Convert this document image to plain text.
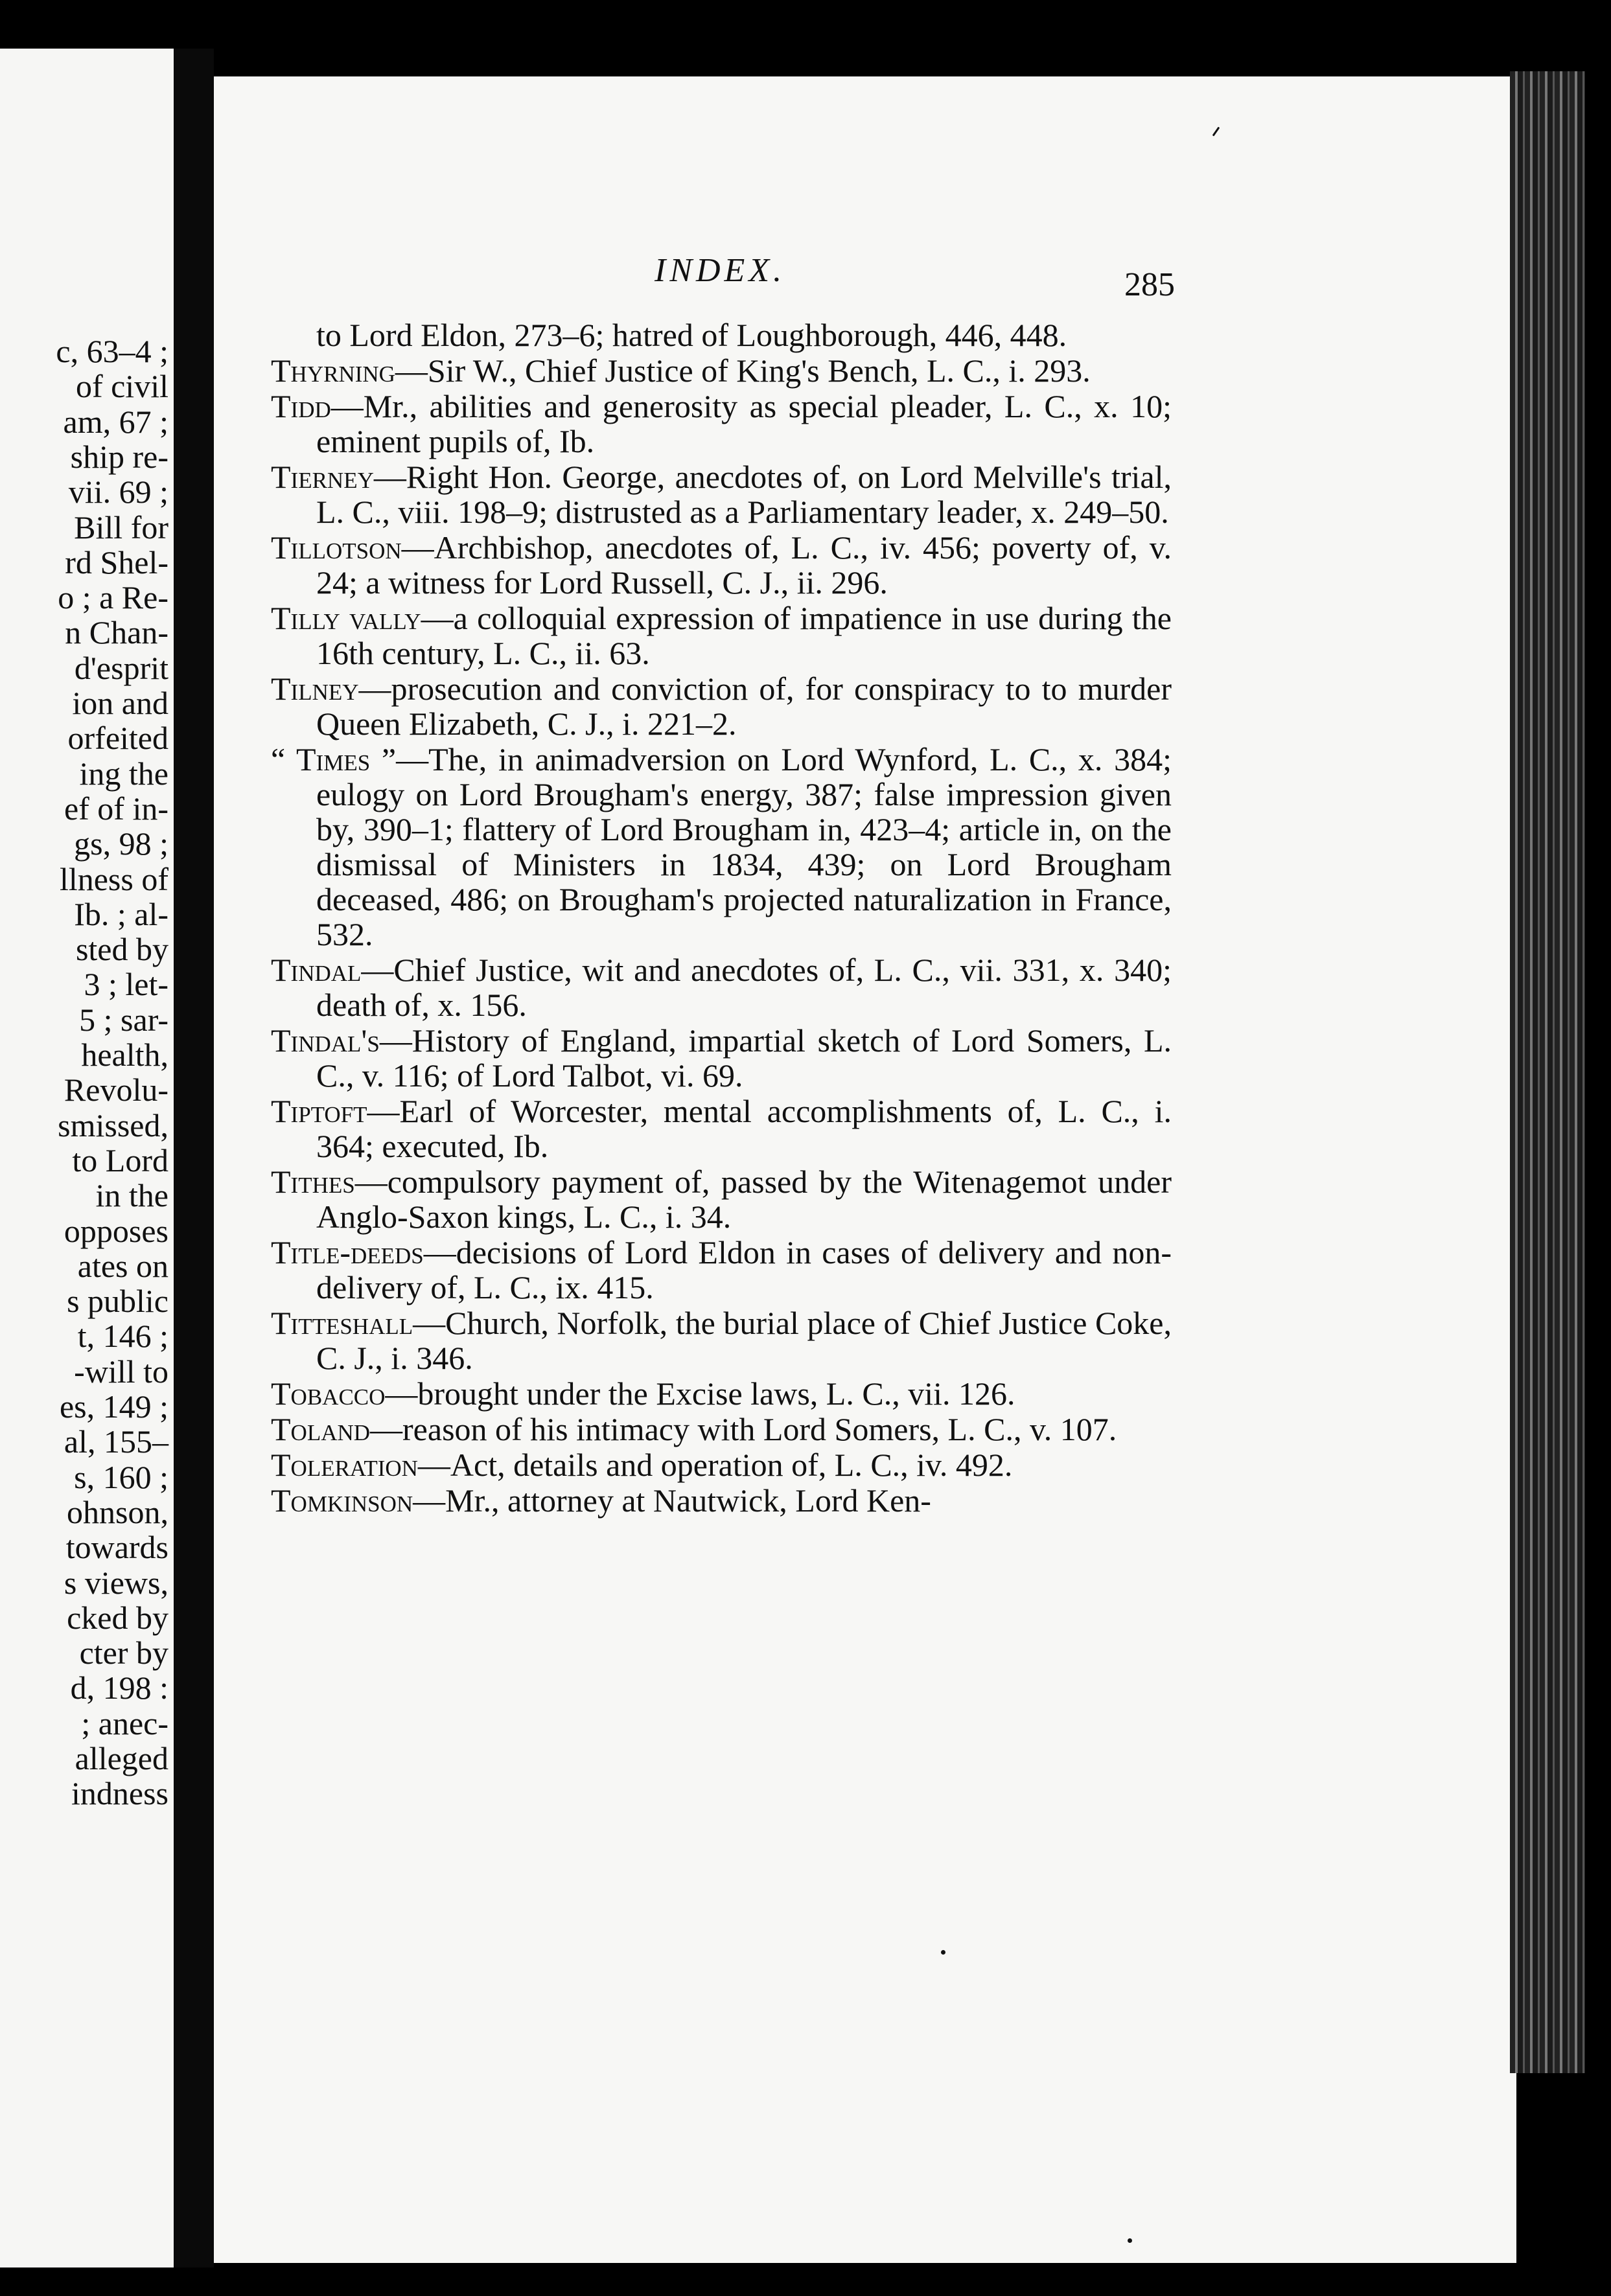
c, 63–4 ;
of civil
am, 67 ;
ship re-
vii. 69 ;
Bill for
rd Shel-
o ; a Re-
n Chan-
d'esprit
ion and
orfeited
ing the
ef of in-
gs, 98 ;
llness of
Ib. ; al-
sted by
3 ; let-
5 ; sar-
health,
Revolu-
smissed,
to Lord
in the
opposes
ates on
s public
t, 146 ;
-will to
es, 149 ;
al, 155–
s, 160 ;
ohnson,
towards
s views,
cked by
cter by
d, 198 :
; anec-
alleged
indness
INDEX.	285
to Lord Eldon, 273–6; hatred of Loughborough, 446, 448.
Thyrning—Sir W., Chief Justice of King's Bench, L. C., i. 293.
Tidd—Mr., abilities and generosity as special pleader, L. C., x. 10; eminent pupils of, Ib.
Tierney—Right Hon. George, anecdotes of, on Lord Melville's trial, L. C., viii. 198–9; distrusted as a Parliamentary leader, x. 249–50.
Tillotson—Archbishop, anecdotes of, L. C., iv. 456; poverty of, v. 24; a witness for Lord Russell, C. J., ii. 296.
Tilly vally—a colloquial expression of impatience in use during the 16th century, L. C., ii. 63.
Tilney—prosecution and conviction of, for conspiracy to to murder Queen Elizabeth, C. J., i. 221–2.
“ Times ”—The, in animadversion on Lord Wynford, L. C., x. 384; eulogy on Lord Brougham's energy, 387; false impression given by, 390–1; flattery of Lord Brougham in, 423–4; article in, on the dismissal of Ministers in 1834, 439; on Lord Brougham deceased, 486; on Brougham's projected naturalization in France, 532.
Tindal—Chief Justice, wit and anecdotes of, L. C., vii. 331, x. 340; death of, x. 156.
Tindal's—History of England, impartial sketch of Lord Somers, L. C., v. 116; of Lord Talbot, vi. 69.
Tiptoft—Earl of Worcester, mental accomplishments of, L. C., i. 364; executed, Ib.
Tithes—compulsory payment of, passed by the Witenagemot under Anglo-Saxon kings, L. C., i. 34.
Title-deeds—decisions of Lord Eldon in cases of delivery and non-delivery of, L. C., ix. 415.
Titteshall—Church, Norfolk, the burial place of Chief Justice Coke, C. J., i. 346.
Tobacco—brought under the Excise laws, L. C., vii. 126.
Toland—reason of his intimacy with Lord Somers, L. C., v. 107.
Toleration—Act, details and operation of, L. C., iv. 492.
Tomkinson—Mr., attorney at Nautwick, Lord Ken-
